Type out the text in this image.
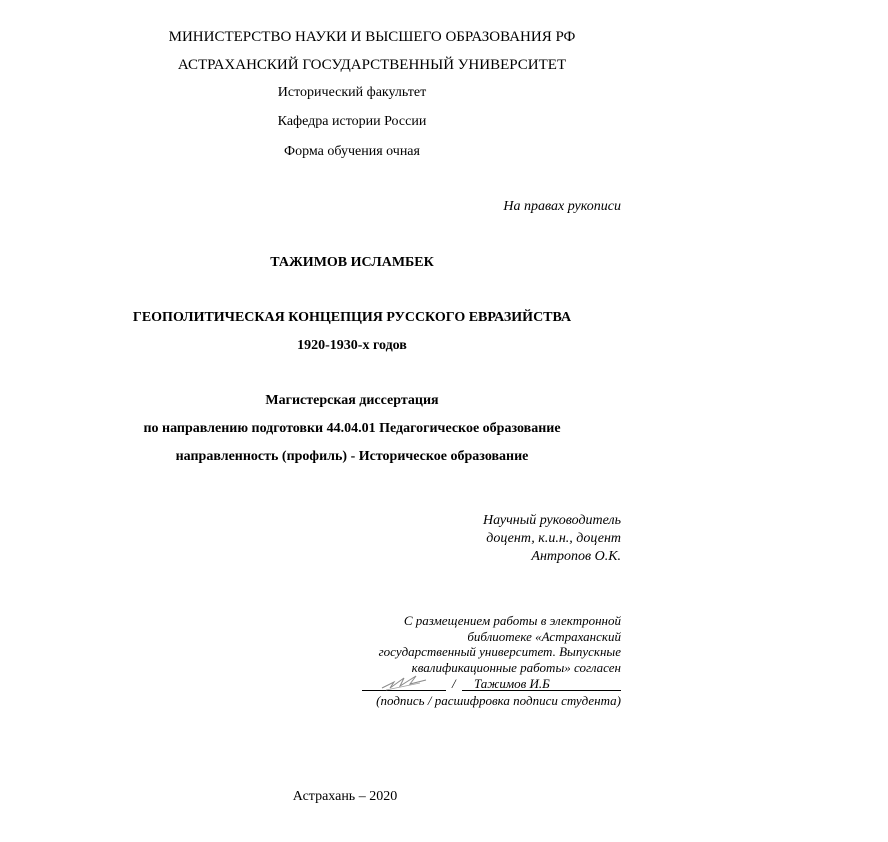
МИНИСТЕРСТВО НАУКИ И ВЫСШЕГО ОБРАЗОВАНИЯ РФ
АСТРАХАНСКИЙ ГОСУДАРСТВЕННЫЙ УНИВЕРСИТЕТ
Исторический факультет
Кафедра истории России
Форма обучения очная
На правах рукописи
ТАЖИМОВ ИСЛАМБЕК
ГЕОПОЛИТИЧЕСКАЯ КОНЦЕПЦИЯ РУССКОГО ЕВРАЗИЙСТВА
1920-1930-х годов
Магистерская диссертация
по направлению подготовки 44.04.01 Педагогическое образование
направленность (профиль) - Историческое образование
Научный руководитель
доцент, к.и.н., доцент
Антропов О.К.
С размещением работы в электронной
библиотеке «Астраханский
государственный университет. Выпускные
квалификационные работы» согласен
/ Тажимов И.Б
(подпись / расшифровка подписи студента)
Астрахань – 2020
